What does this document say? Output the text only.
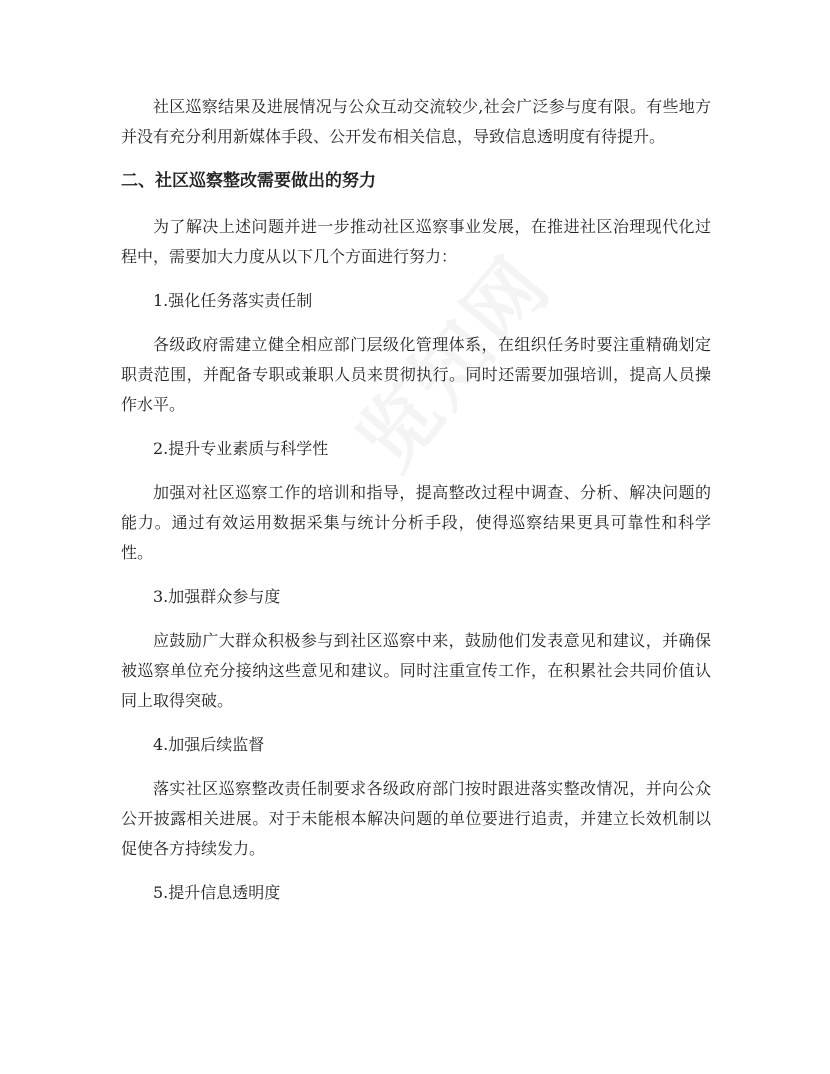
社区巡察结果及进展情况与公众互动交流较少,社会广泛参与度有限。有些地方并没有充分利用新媒体手段、公开发布相关信息，导致信息透明度有待提升。

二、社区巡察整改需要做出的努力

为了解决上述问题并进一步推动社区巡察事业发展，在推进社区治理现代化过程中，需要加大力度从以下几个方面进行努力：

1.强化任务落实责任制

各级政府需建立健全相应部门层级化管理体系，在组织任务时要注重精确划定职责范围，并配备专职或兼职人员来贯彻执行。同时还需要加强培训，提高人员操作水平。

2.提升专业素质与科学性

加强对社区巡察工作的培训和指导，提高整改过程中调查、分析、解决问题的能力。通过有效运用数据采集与统计分析手段，使得巡察结果更具可靠性和科学性。

3.加强群众参与度

应鼓励广大群众积极参与到社区巡察中来，鼓励他们发表意见和建议，并确保被巡察单位充分接纳这些意见和建议。同时注重宣传工作，在积累社会共同价值认同上取得突破。

4.加强后续监督

落实社区巡察整改责任制要求各级政府部门按时跟进落实整改情况，并向公众公开披露相关进展。对于未能根本解决问题的单位要进行追责，并建立长效机制以促使各方持续发力。

5.提升信息透明度
